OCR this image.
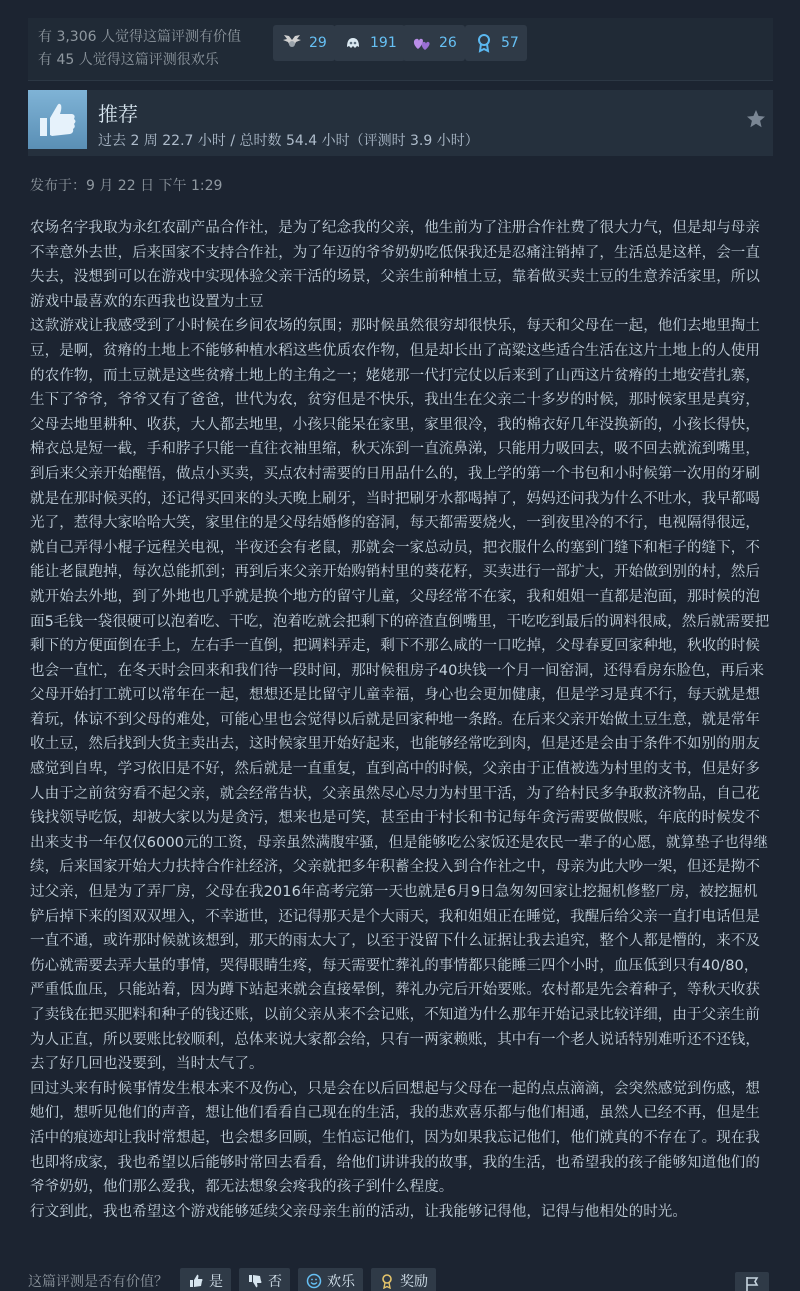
有 3,306 人觉得这篇评测有价值
有 45 人觉得这篇评测很欢乐
29	191	26	57
推荐
过去 2 周 22.7 小时 / 总时数 54.4 小时（评测时 3.9 小时）
发布于：9 月 22 日 下午 1:29

农场名字我取为永红农副产品合作社，是为了纪念我的父亲，他生前为了注册合作社费了很大力气，但是却与母亲不幸意外去世，后来国家不支持合作社，为了年迈的爷爷奶奶吃低保我还是忍痛注销掉了，生活总是这样，会一直失去，没想到可以在游戏中实现体验父亲干活的场景，父亲生前种植土豆，靠着做买卖土豆的生意养活家里，所以游戏中最喜欢的东西我也设置为土豆

这款游戏让我感受到了小时候在乡间农场的氛围；那时候虽然很穷却很快乐，每天和父母在一起，他们去地里掏土豆，是啊，贫瘠的土地上不能够种植水稻这些优质农作物，但是却长出了高粱这些适合生活在这片土地上的人使用的农作物，而土豆就是这些贫瘠土地上的主角之一；姥姥那一代打完仗以后来到了山西这片贫瘠的土地安营扎寨，生下了爷爷，爷爷又有了爸爸，世代为农，贫穷但是不快乐，我出生在父亲二十多岁的时候，那时候家里是真穷，父母去地里耕种、收获，大人都去地里，小孩只能呆在家里，家里很冷，我的棉衣好几年没换新的，小孩长得快，棉衣总是短一截，手和脖子只能一直往衣袖里缩，秋天冻到一直流鼻涕，只能用力吸回去，吸不回去就流到嘴里，到后来父亲开始醒悟，做点小买卖，买点农村需要的日用品什么的，我上学的第一个书包和小时候第一次用的牙刷就是在那时候买的，还记得买回来的头天晚上刷牙，当时把刷牙水都喝掉了，妈妈还问我为什么不吐水，我早都喝光了，惹得大家哈哈大笑，家里住的是父母结婚修的窑洞，每天都需要烧火，一到夜里冷的不行，电视隔得很远，就自己弄得小棍子远程关电视，半夜还会有老鼠，那就会一家总动员，把衣服什么的塞到门缝下和柜子的缝下，不能让老鼠跑掉，每次总能抓到；再到后来父亲开始购销村里的葵花籽，买卖进行一部扩大，开始做到别的村，然后就开始去外地，到了外地也几乎就是换个地方的留守儿童，父母经常不在家，我和姐姐一直都是泡面，那时候的泡面5毛钱一袋很硬可以泡着吃、干吃，泡着吃就会把剩下的碎渣直倒嘴里，干吃吃到最后的调料很咸，然后就需要把剩下的方便面倒在手上，左右手一直倒，把调料弄走，剩下不那么咸的一口吃掉，父母春夏回家种地，秋收的时候也会一直忙，在冬天时会回来和我们待一段时间，那时候租房子40块钱一个月一间窑洞，还得看房东脸色，再后来父母开始打工就可以常年在一起，想想还是比留守儿童幸福，身心也会更加健康，但是学习是真不行，每天就是想着玩，体谅不到父母的难处，可能心里也会觉得以后就是回家种地一条路。在后来父亲开始做土豆生意，就是常年收土豆，然后找到大货主卖出去，这时候家里开始好起来，也能够经常吃到肉，但是还是会由于条件不如别的朋友感觉到自卑，学习依旧是不好，然后就是一直重复，直到高中的时候，父亲由于正值被选为村里的支书，但是好多人由于之前贫穷看不起父亲，就会经常告状，父亲虽然尽心尽力为村里干活，为了给村民多争取救济物品，自己花钱找领导吃饭，却被大家以为是贪污，想来也是可笑，甚至由于村长和书记每年贪污需要做假账，年底的时候发不出来支书一年仅仅6000元的工资，母亲虽然满腹牢骚，但是能够吃公家饭还是农民一辈子的心愿，就算垫子也得继续，后来国家开始大力扶持合作社经济，父亲就把多年积蓄全投入到合作社之中，母亲为此大吵一架，但还是拗不过父亲，但是为了弄厂房，父母在我2016年高考完第一天也就是6月9日急匆匆回家让挖掘机修整厂房，被挖掘机铲后掉下来的图双双埋入，不幸逝世，还记得那天是个大雨天，我和姐姐正在睡觉，我醒后给父亲一直打电话但是一直不通，或许那时候就该想到，那天的雨太大了，以至于没留下什么证据让我去追究，整个人都是懵的，来不及伤心就需要去弄大量的事情，哭得眼睛生疼，每天需要忙葬礼的事情都只能睡三四个小时，血压低到只有40/80，严重低血压，只能站着，因为蹲下站起来就会直接晕倒，葬礼办完后开始要账。农村都是先会着种子，等秋天收获了卖钱在把买肥料和种子的钱还账，以前父亲从来不会记账，不知道为什么那年开始记录比较详细，由于父亲生前为人正直，所以要账比较顺利，总体来说大家都会给，只有一两家赖账，其中有一个老人说话特别难听还不还钱，去了好几回也没要到，当时太气了。

回过头来有时候事情发生根本来不及伤心，只是会在以后回想起与父母在一起的点点滴滴，会突然感觉到伤感，想她们，想听见他们的声音，想让他们看看自己现在的生活，我的悲欢喜乐都与他们相通，虽然人已经不再，但是生活中的痕迹却让我时常想起，也会想多回顾，生怕忘记他们，因为如果我忘记他们，他们就真的不存在了。现在我也即将成家，我也希望以后能够时常回去看看，给他们讲讲我的故事，我的生活，也希望我的孩子能够知道他们的爷爷奶奶，他们那么爱我，都无法想象会疼我的孩子到什么程度。

行文到此，我也希望这个游戏能够延续父亲母亲生前的活动，让我能够记得他，记得与他相处的时光。

这篇评测是否有价值？	是	否	欢乐	奖励
